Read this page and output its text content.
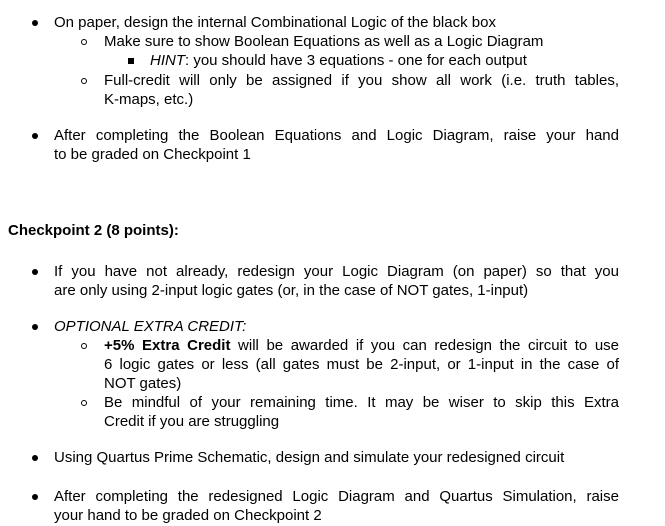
On paper, design the internal Combinational Logic of the black box
Make sure to show Boolean Equations as well as a Logic Diagram
HINT: you should have 3 equations - one for each output
Full-credit will only be assigned if you show all work (i.e. truth tables,
K-maps, etc.)
After completing the Boolean Equations and Logic Diagram, raise your hand
to be graded on Checkpoint 1
Checkpoint 2 (8 points):
If you have not already, redesign your Logic Diagram (on paper) so that you
are only using 2-input logic gates (or, in the case of NOT gates, 1-input)
OPTIONAL EXTRA CREDIT:
+5% Extra Credit will be awarded if you can redesign the circuit to use
6 logic gates or less (all gates must be 2-input, or 1-input in the case of
NOT gates)
Be mindful of your remaining time. It may be wiser to skip this Extra
Credit if you are struggling
Using Quartus Prime Schematic, design and simulate your redesigned circuit
After completing the redesigned Logic Diagram and Quartus Simulation, raise
your hand to be graded on Checkpoint 2
